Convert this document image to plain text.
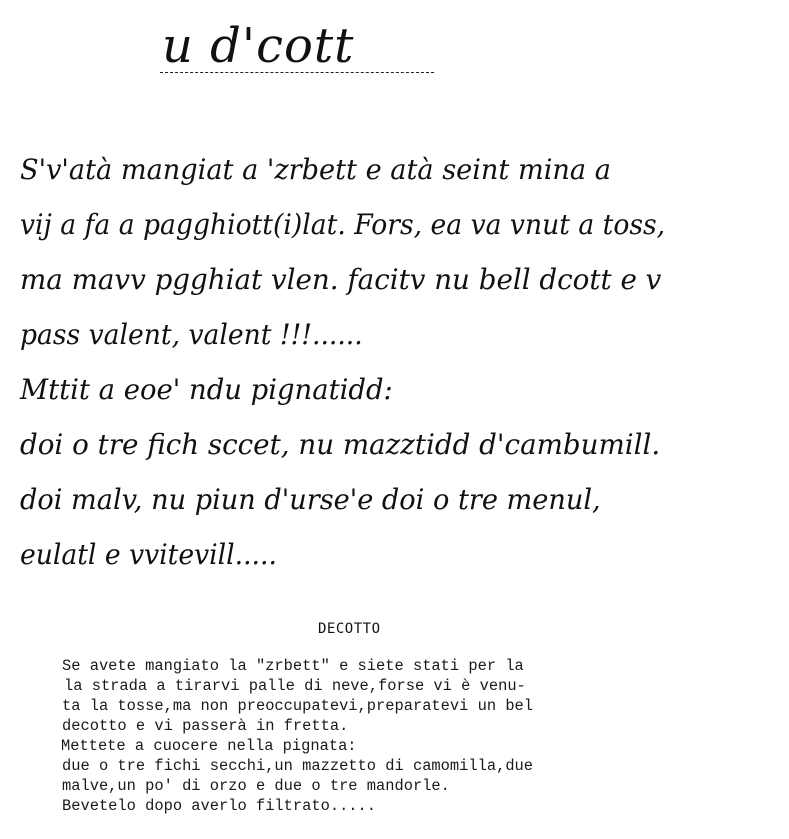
u d'cott
S'v'atà mangiat a 'zrbett e atà seint mina a
vij a fa a pagghiott(i)lat. Fors, ea va vnut a toss,
ma mavv pgghiat vlen. facitv nu bell dcott e v
pass valent, valent !!!......
Mttit a eoe' ndu pignatidd:
doi o tre fich sccet, nu mazztidd d'cambumill.
doi malv, nu piun d'urse'e doi o tre menul,
eulatl e vvitevill.....
DECOTTO
Se avete mangiato la "zrbett" e siete stati per la
la strada a tirarvi palle di neve,forse vi è venu-
ta la tosse,ma non preoccupatevi,preparatevi un bel
decotto e vi passerà in fretta.
Mettete a cuocere nella pignata:
due o tre fichi secchi,un mazzetto di camomilla,due
malve,un po' di orzo e due o tre mandorle.
Bevetelo dopo averlo filtrato.....
